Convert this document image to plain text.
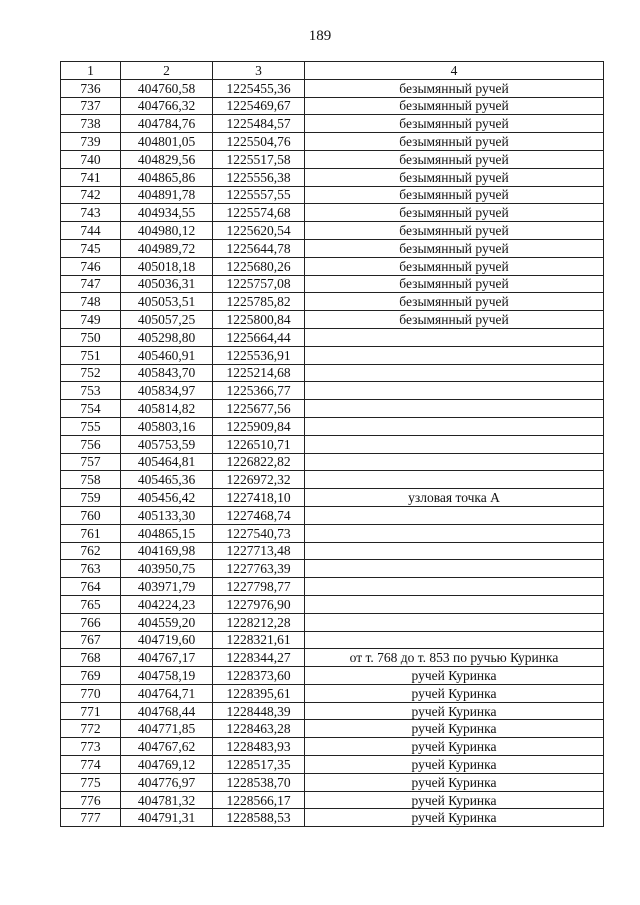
189
1	2	3	4
736	404760,58	1225455,36	безымянный ручей
737	404766,32	1225469,67	безымянный ручей
738	404784,76	1225484,57	безымянный ручей
739	404801,05	1225504,76	безымянный ручей
740	404829,56	1225517,58	безымянный ручей
741	404865,86	1225556,38	безымянный ручей
742	404891,78	1225557,55	безымянный ручей
743	404934,55	1225574,68	безымянный ручей
744	404980,12	1225620,54	безымянный ручей
745	404989,72	1225644,78	безымянный ручей
746	405018,18	1225680,26	безымянный ручей
747	405036,31	1225757,08	безымянный ручей
748	405053,51	1225785,82	безымянный ручей
749	405057,25	1225800,84	безымянный ручей
750	405298,80	1225664,44	
751	405460,91	1225536,91	
752	405843,70	1225214,68	
753	405834,97	1225366,77	
754	405814,82	1225677,56	
755	405803,16	1225909,84	
756	405753,59	1226510,71	
757	405464,81	1226822,82	
758	405465,36	1226972,32	
759	405456,42	1227418,10	узловая точка А
760	405133,30	1227468,74	
761	404865,15	1227540,73	
762	404169,98	1227713,48	
763	403950,75	1227763,39	
764	403971,79	1227798,77	
765	404224,23	1227976,90	
766	404559,20	1228212,28	
767	404719,60	1228321,61	
768	404767,17	1228344,27	от т. 768 до т. 853 по ручью Куринка
769	404758,19	1228373,60	ручей Куринка
770	404764,71	1228395,61	ручей Куринка
771	404768,44	1228448,39	ручей Куринка
772	404771,85	1228463,28	ручей Куринка
773	404767,62	1228483,93	ручей Куринка
774	404769,12	1228517,35	ручей Куринка
775	404776,97	1228538,70	ручей Куринка
776	404781,32	1228566,17	ручей Куринка
777	404791,31	1228588,53	ручей Куринка
